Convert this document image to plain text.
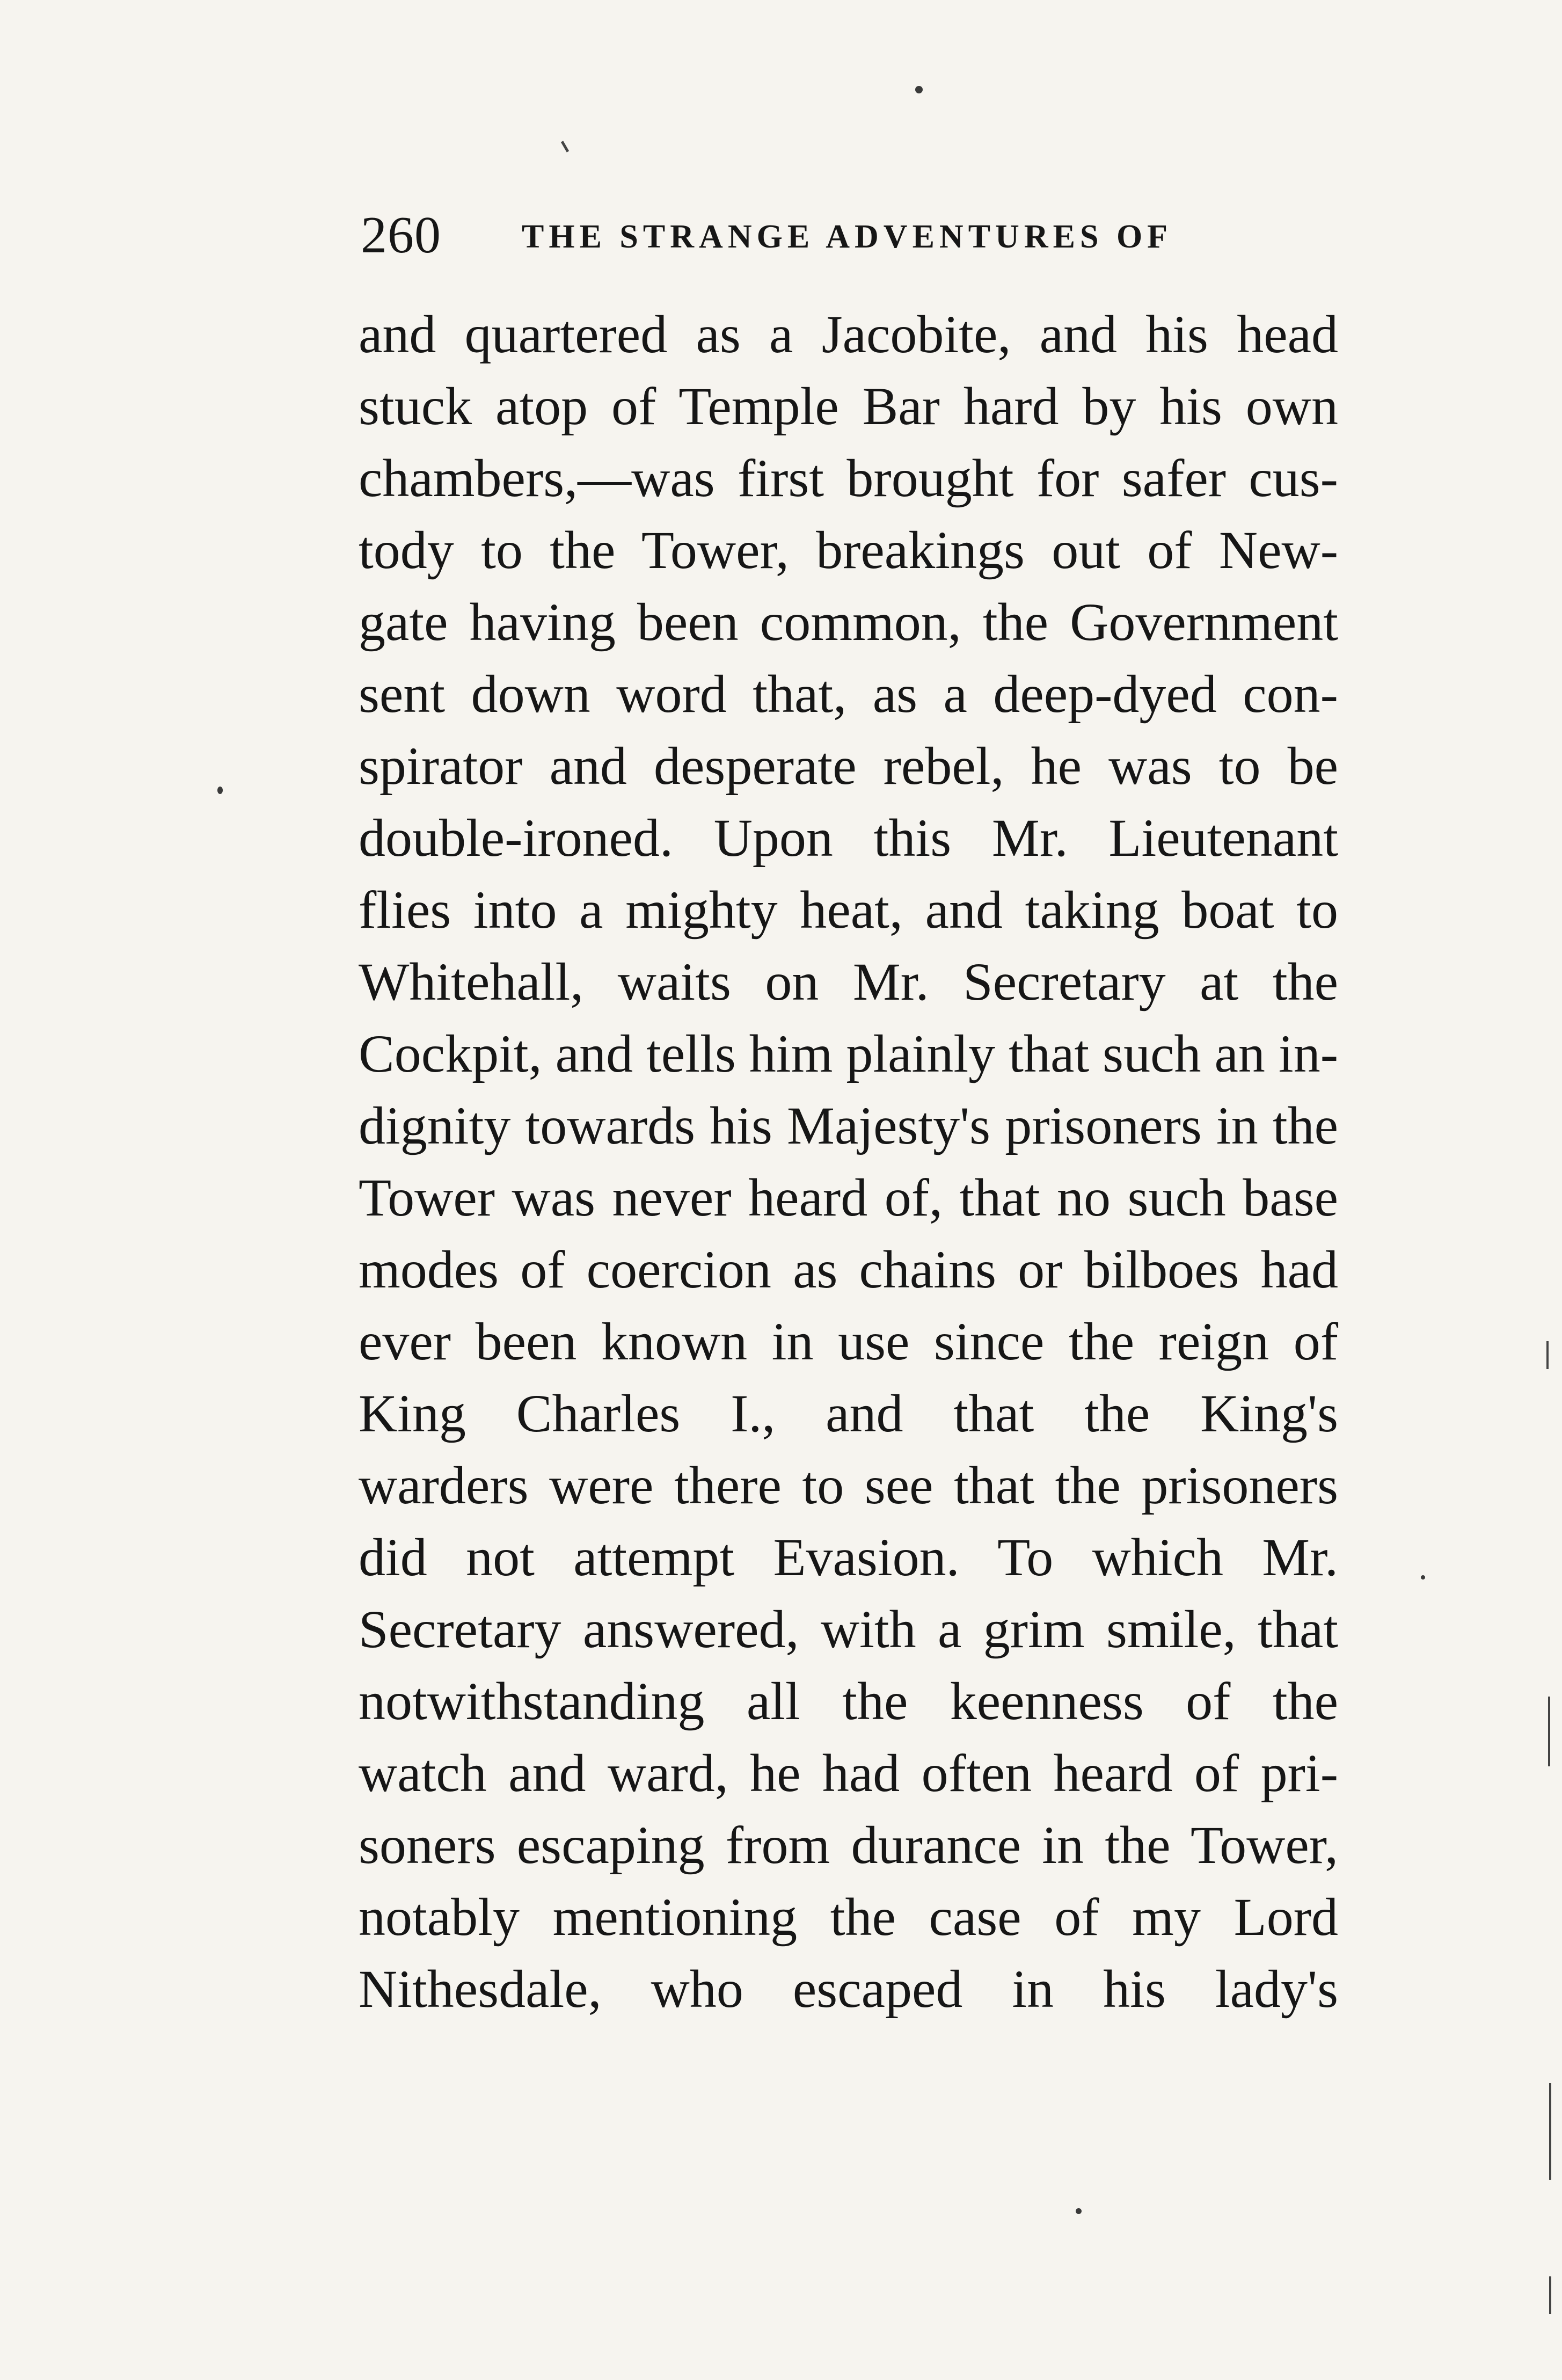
260 THE STRANGE ADVENTURES OF
and quartered as a Jacobite, and his head
stuck atop of Temple Bar hard by his own
chambers,—was first brought for safer cus-
tody to the Tower, breakings out of New-
gate having been common, the Government
sent down word that, as a deep-dyed con-
spirator and desperate rebel, he was to be
double-ironed. Upon this Mr. Lieutenant
flies into a mighty heat, and taking boat to
Whitehall, waits on Mr. Secretary at the
Cockpit, and tells him plainly that such an in-
dignity towards his Majesty's prisoners in the
Tower was never heard of, that no such base
modes of coercion as chains or bilboes had
ever been known in use since the reign of
King Charles I., and that the King's
warders were there to see that the prisoners
did not attempt Evasion. To which Mr.
Secretary answered, with a grim smile, that
notwithstanding all the keenness of the
watch and ward, he had often heard of pri-
soners escaping from durance in the Tower,
notably mentioning the case of my Lord
Nithesdale, who escaped in his lady's
